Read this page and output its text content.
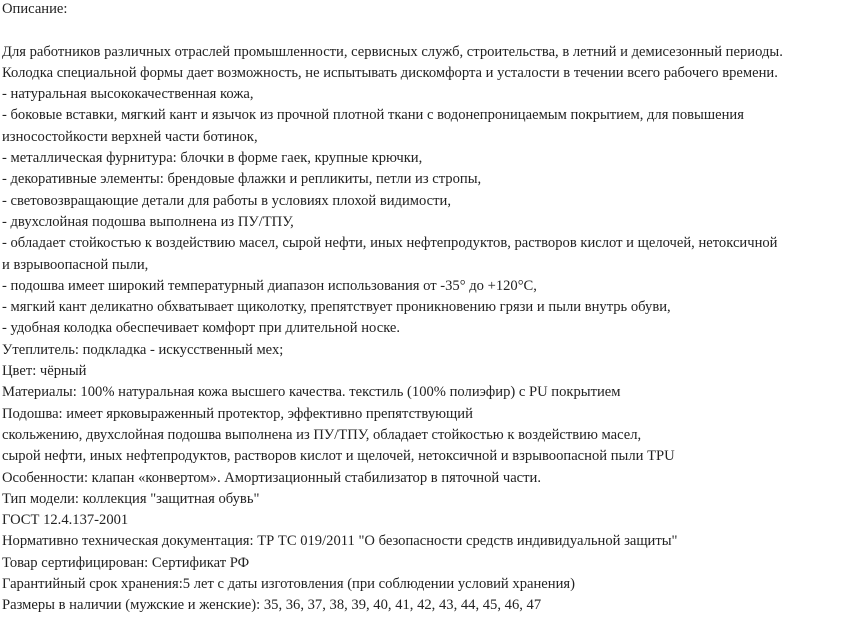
Описание:
Для работников различных отраслей промышленности, сервисных служб, строительства, в летний и демисезонный периоды.
Колодка специальной формы дает возможность, не испытывать дискомфорта и усталости в течении всего рабочего времени.
- натуральная высококачественная кожа,
- боковые вставки, мягкий кант и язычок из прочной плотной ткани с водонепроницаемым покрытием, для повышения
износостойкости верхней части ботинок,
- металлическая фурнитура: блочки в форме гаек, крупные крючки,
- декоративные элементы: брендовые флажки и репликиты, петли из стропы,
- световозвращающие детали для работы в условиях плохой видимости,
- двухслойная подошва выполнена из ПУ/ТПУ,
- обладает стойкостью к воздействию масел, сырой нефти, иных нефтепродуктов, растворов кислот и щелочей, нетоксичной
и взрывоопасной пыли,
- подошва имеет широкий температурный диапазон использования от -35° до +120°С,
- мягкий кант деликатно обхватывает щиколотку, препятствует проникновению грязи и пыли внутрь обуви,
- удобная колодка обеспечивает комфорт при длительной носке.
Утеплитель: подкладка - искусственный мех;
Цвет: чёрный
Материалы: 100% натуральная кожа высшего качества. текстиль (100% полиэфир) с PU покрытием
Подошва: имеет ярковыраженный протектор, эффективно препятствующий
скольжению, двухслойная подошва выполнена из ПУ/ТПУ, обладает стойкостью к воздействию масел,
сырой нефти, иных нефтепродуктов, растворов кислот и щелочей, нетоксичной и взрывоопасной пыли TPU
Особенности: клапан «конвертом». Амортизационный стабилизатор в пяточной части.
Тип модели: коллекция "защитная обувь"
ГОСТ 12.4.137-2001
Нормативно техническая документация: ТР ТС 019/2011 "О безопасности средств индивидуальной защиты"
Товар сертифицирован: Сертификат РФ
Гарантийный срок хранения:5 лет с даты изготовления (при соблюдении условий хранения)
Размеры в наличии (мужские и женские): 35, 36, 37, 38, 39, 40, 41, 42, 43, 44, 45, 46, 47
